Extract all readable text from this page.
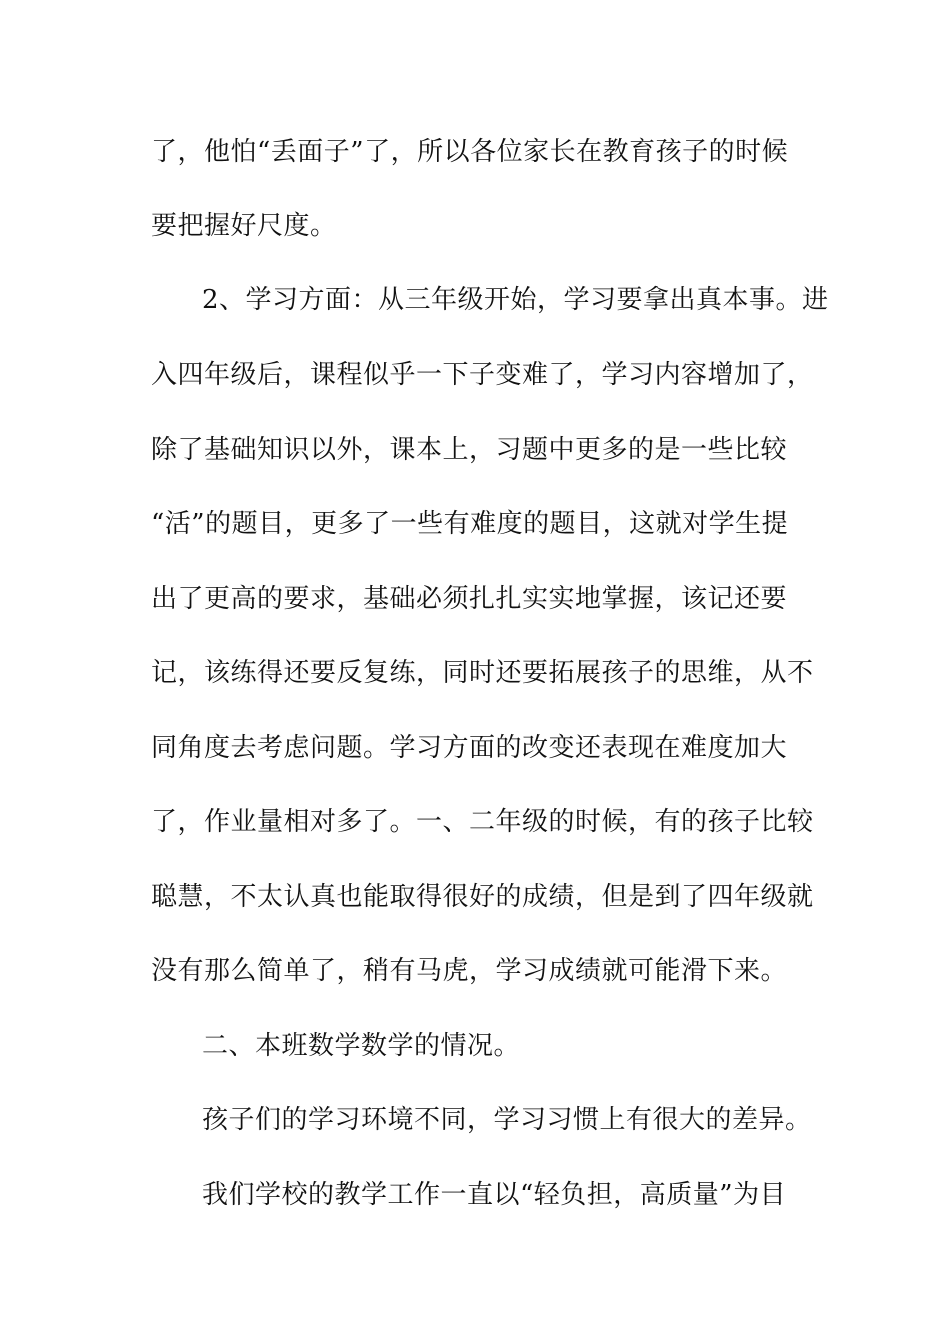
了，他怕“丢面子”了，所以各位家长在教育孩子的时候
要把握好尺度。
2、学习方面：从三年级开始，学习要拿出真本事。进
入四年级后，课程似乎一下子变难了，学习内容增加了，
除了基础知识以外，课本上，习题中更多的是一些比较
“活”的题目，更多了一些有难度的题目，这就对学生提
出了更高的要求，基础必须扎扎实实地掌握，该记还要
记，该练得还要反复练，同时还要拓展孩子的思维，从不
同角度去考虑问题。学习方面的改变还表现在难度加大
了，作业量相对多了。一、二年级的时候，有的孩子比较
聪慧，不太认真也能取得很好的成绩，但是到了四年级就
没有那么简单了，稍有马虎，学习成绩就可能滑下来。
二、本班数学数学的情况。
孩子们的学习环境不同，学习习惯上有很大的差异。
我们学校的教学工作一直以“轻负担，高质量”为目
